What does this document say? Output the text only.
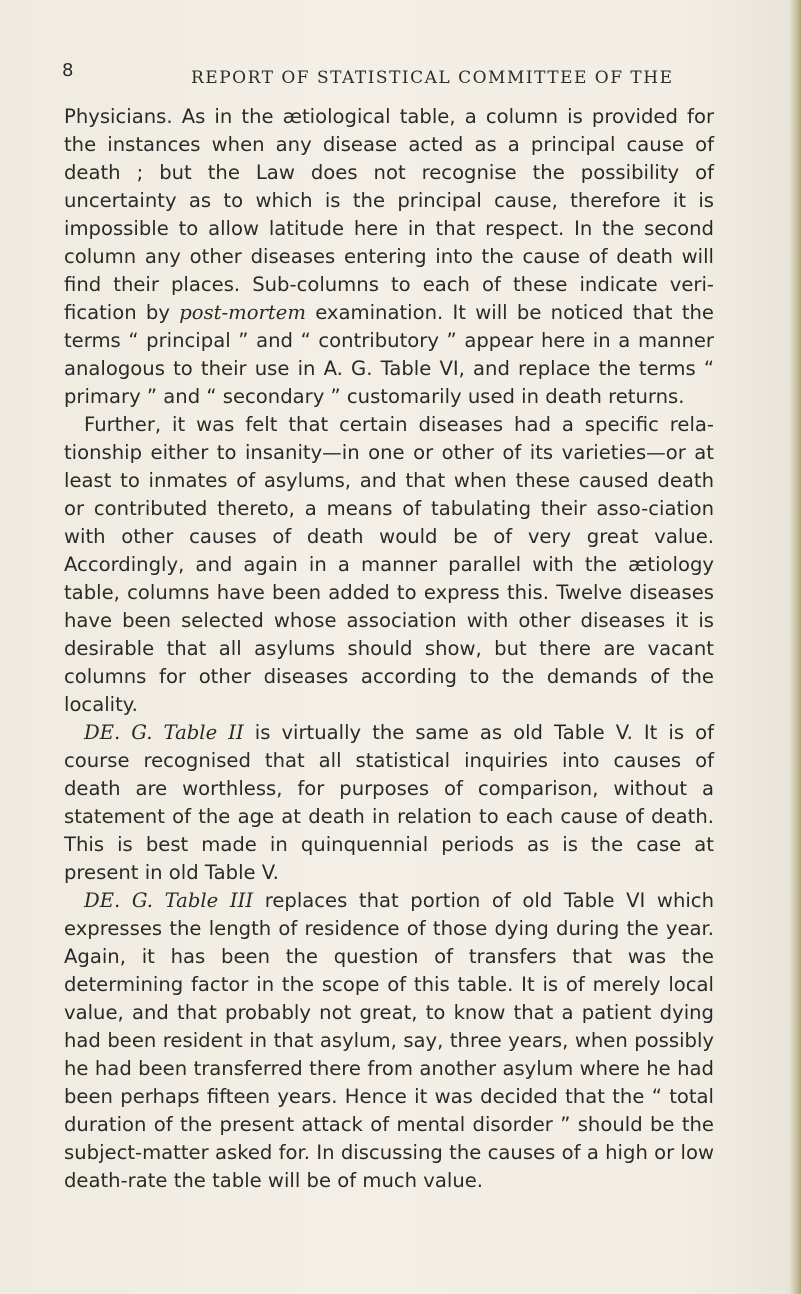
8	REPORT OF STATISTICAL COMMITTEE OF THE

Physicians. As in the ætiological table, a column is provided for the instances when any disease acted as a principal cause of death ; but the Law does not recognise the possibility of uncertainty as to which is the principal cause, therefore it is impossible to allow latitude here in that respect. In the second column any other diseases entering into the cause of death will find their places. Sub-columns to each of these indicate veri-fication by post-mortem examination. It will be noticed that the terms “ principal ” and “ contributory ” appear here in a manner analogous to their use in A. G. Table VI, and replace the terms “ primary ” and “ secondary ” customarily used in death returns.

Further, it was felt that certain diseases had a specific rela-tionship either to insanity—in one or other of its varieties—or at least to inmates of asylums, and that when these caused death or contributed thereto, a means of tabulating their asso-ciation with other causes of death would be of very great value. Accordingly, and again in a manner parallel with the ætiology table, columns have been added to express this. Twelve diseases have been selected whose association with other diseases it is desirable that all asylums should show, but there are vacant columns for other diseases according to the demands of the locality.

DE. G. Table II is virtually the same as old Table V. It is of course recognised that all statistical inquiries into causes of death are worthless, for purposes of comparison, without a statement of the age at death in relation to each cause of death. This is best made in quinquennial periods as is the case at present in old Table V.

DE. G. Table III replaces that portion of old Table VI which expresses the length of residence of those dying during the year. Again, it has been the question of transfers that was the determining factor in the scope of this table. It is of merely local value, and that probably not great, to know that a patient dying had been resident in that asylum, say, three years, when possibly he had been transferred there from another asylum where he had been perhaps fifteen years. Hence it was decided that the “ total duration of the present attack of mental disorder ” should be the subject-matter asked for. In discussing the causes of a high or low death-rate the table will be of much value.
